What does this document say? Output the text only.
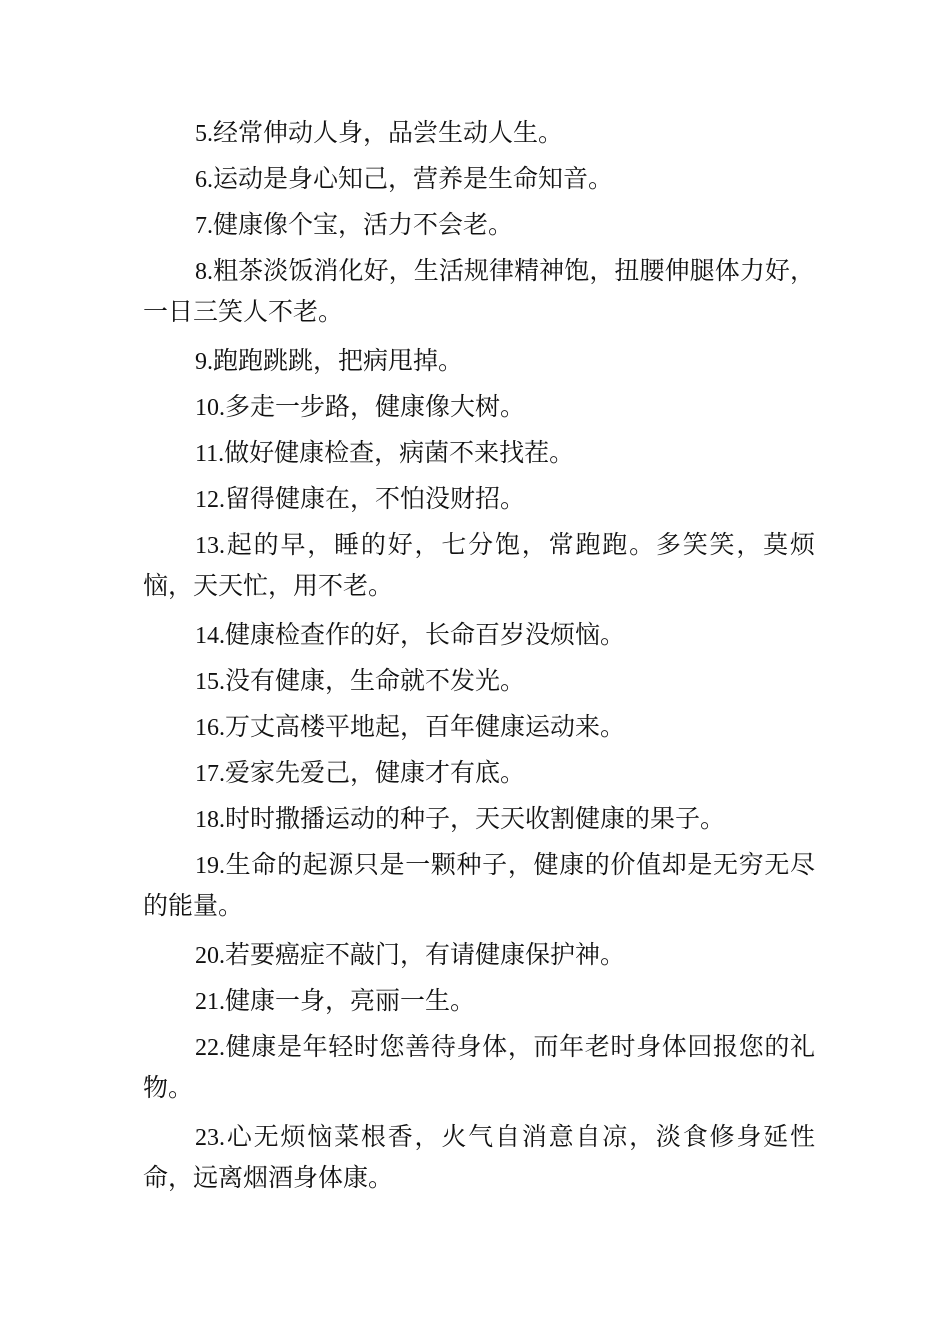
5.经常伸动人身，品尝生动人生。

6.运动是身心知己，营养是生命知音。

7.健康像个宝，活力不会老。

8.粗茶淡饭消化好，生活规律精神饱，扭腰伸腿体力好，一日三笑人不老。

9.跑跑跳跳，把病甩掉。

10.多走一步路，健康像大树。

11.做好健康检查，病菌不来找茬。

12.留得健康在，不怕没财招。

13.起的早，睡的好，七分饱，常跑跑。多笑笑，莫烦恼，天天忙，用不老。

14.健康检查作的好，长命百岁没烦恼。

15.没有健康，生命就不发光。

16.万丈高楼平地起，百年健康运动来。

17.爱家先爱己，健康才有底。

18.时时撒播运动的种子，天天收割健康的果子。

19.生命的起源只是一颗种子，健康的价值却是无穷无尽的能量。

20.若要癌症不敲门，有请健康保护神。

21.健康一身，亮丽一生。

22.健康是年轻时您善待身体，而年老时身体回报您的礼物。

23.心无烦恼菜根香，火气自消意自凉，淡食修身延性命，远离烟酒身体康。
